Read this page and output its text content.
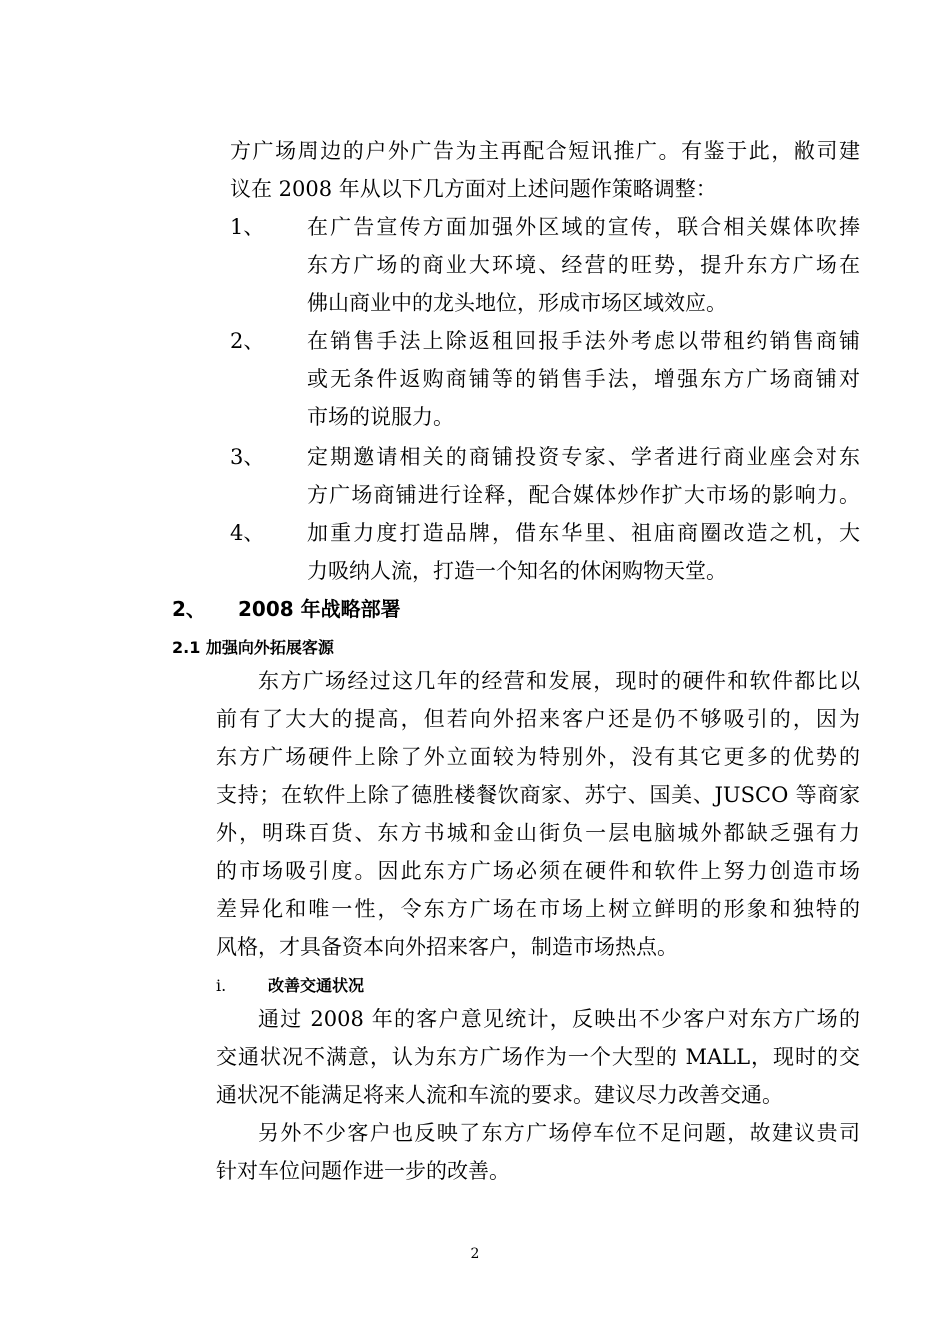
方广场周边的户外广告为主再配合短讯推广。有鉴于此，敝司建
议在 2008 年从以下几方面对上述问题作策略调整：
1、 在广告宣传方面加强外区域的宣传，联合相关媒体吹捧
东方广场的商业大环境、经营的旺势，提升东方广场在
佛山商业中的龙头地位，形成市场区域效应。
2、 在销售手法上除返租回报手法外考虑以带租约销售商铺
或无条件返购商铺等的销售手法，增强东方广场商铺对
市场的说服力。
3、 定期邀请相关的商铺投资专家、学者进行商业座会对东
方广场商铺进行诠释，配合媒体炒作扩大市场的影响力。
4、 加重力度打造品牌，借东华里、祖庙商圈改造之机，大
力吸纳人流，打造一个知名的休闲购物天堂。
2、 2008 年战略部署
2.1 加强向外拓展客源
东方广场经过这几年的经营和发展，现时的硬件和软件都比以
前有了大大的提高，但若向外招来客户还是仍不够吸引的，因为
东方广场硬件上除了外立面较为特别外，没有其它更多的优势的
支持；在软件上除了德胜楼餐饮商家、苏宁、国美、JUSCO 等商家
外，明珠百货、东方书城和金山街负一层电脑城外都缺乏强有力
的市场吸引度。因此东方广场必须在硬件和软件上努力创造市场
差异化和唯一性，令东方广场在市场上树立鲜明的形象和独特的
风格，才具备资本向外招来客户，制造市场热点。
i.	改善交通状况
通过 2008 年的客户意见统计，反映出不少客户对东方广场的
交通状况不满意，认为东方广场作为一个大型的 MALL，现时的交
通状况不能满足将来人流和车流的要求。建议尽力改善交通。
另外不少客户也反映了东方广场停车位不足问题，故建议贵司
针对车位问题作进一步的改善。
2
